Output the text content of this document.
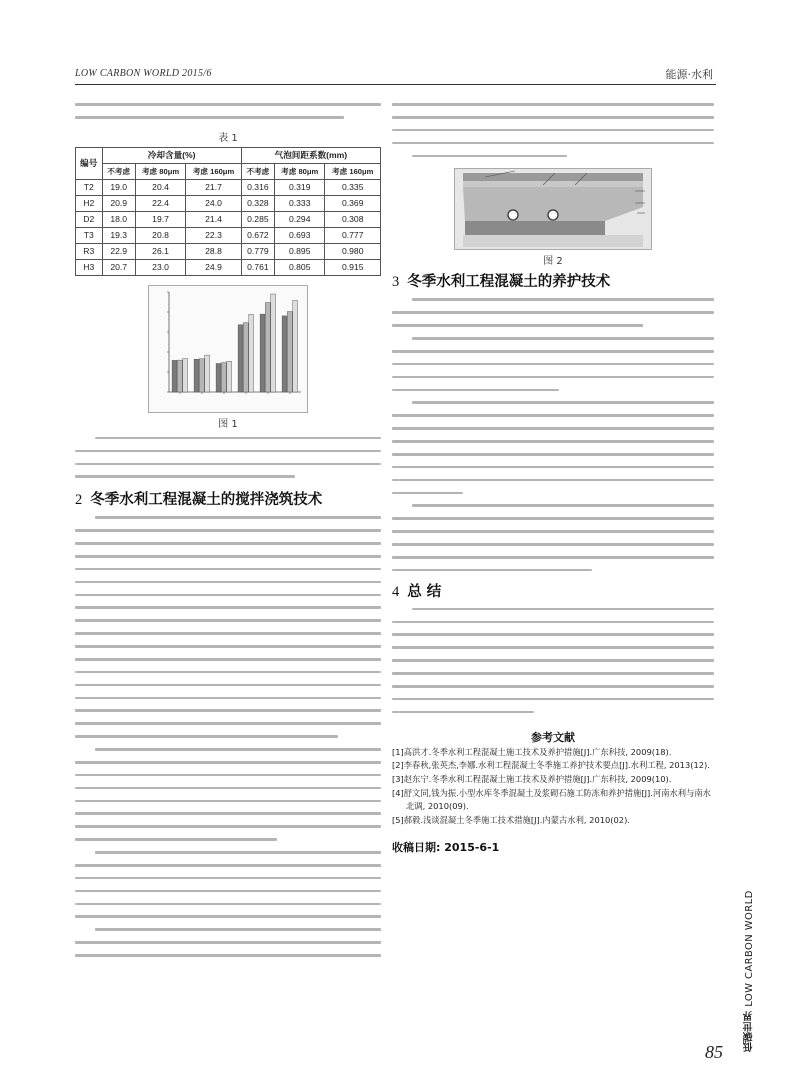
LOW CARBON WORLD 2015/6	能源·水利
表 1
编号	冷却含量(%)			气泡间距系数(mm)		
	不考虑	考虑 80μm	考虑 160μm	不考虑	考虑 80μm	考虑 160μm
T2	19.0	20.4	21.7	0.316	0.319	0.335
H2	20.9	22.4	24.0	0.328	0.333	0.369
D2	18.0	19.7	21.4	0.285	0.294	0.308
T3	19.3	20.8	22.3	0.672	0.693	0.777
R3	22.9	26.1	28.8	0.779	0.895	0.980
H3	20.7	23.0	24.9	0.761	0.805	0.915
图 1
2 冬季水利工程混凝土的搅拌浇筑技术
图 2
3 冬季水利工程混凝土的养护技术
4 总 结
参考文献
[1]高洪才.冬季水利工程混凝土施工技术及养护措施[J].广东科技, 2009(18).
[2]李春秋,张英杰,李娜.水利工程混凝土冬季施工养护技术要点[J].水利工程, 2013(12).
[3]赵东宁.冬季水利工程混凝土施工技术及养护措施[J].广东科技, 2009(10).
[4]舒文同,钱为振.小型水库冬季混凝土及浆砌石施工防冻和养护措施[J].河南水利与南水北调, 2010(09).
[5]郝毅.浅谈混凝土冬季施工技术措施[J].内蒙古水利, 2010(02).
收稿日期: 2015-6-1
低碳世界 LOW CARBON WORLD
85
